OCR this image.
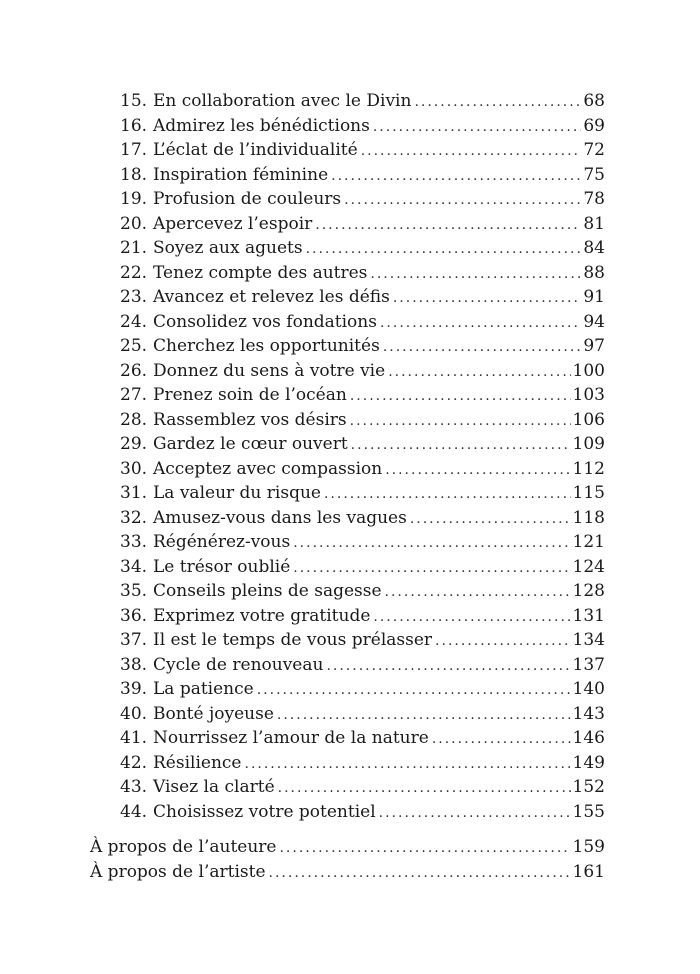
15. En collaboration avec le Divin .....	68
16. Admirez les bénédictions .....	69
17. L’éclat de l’individualité .....	72
18. Inspiration féminine .....	75
19. Profusion de couleurs .....	78
20. Apercevez l’espoir .....	81
21. Soyez aux aguets .....	84
22. Tenez compte des autres .....	88
23. Avancez et relevez les défis .....	91
24. Consolidez vos fondations .....	94
25. Cherchez les opportunités .....	97
26. Donnez du sens à votre vie .....	100
27. Prenez soin de l’océan .....	103
28. Rassemblez vos désirs .....	106
29. Gardez le cœur ouvert .....	109
30. Acceptez avec compassion .....	112
31. La valeur du risque .....	115
32. Amusez-vous dans les vagues .....	118
33. Régénérez-vous .....	121
34. Le trésor oublié .....	124
35. Conseils pleins de sagesse .....	128
36. Exprimez votre gratitude .....	131
37. Il est le temps de vous prélasser .....	134
38. Cycle de renouveau .....	137
39. La patience .....	140
40. Bonté joyeuse .....	143
41. Nourrissez l’amour de la nature .....	146
42. Résilience .....	149
43. Visez la clarté .....	152
44. Choisissez votre potentiel .....	155
À propos de l’auteure .....	159
À propos de l’artiste .....	161
